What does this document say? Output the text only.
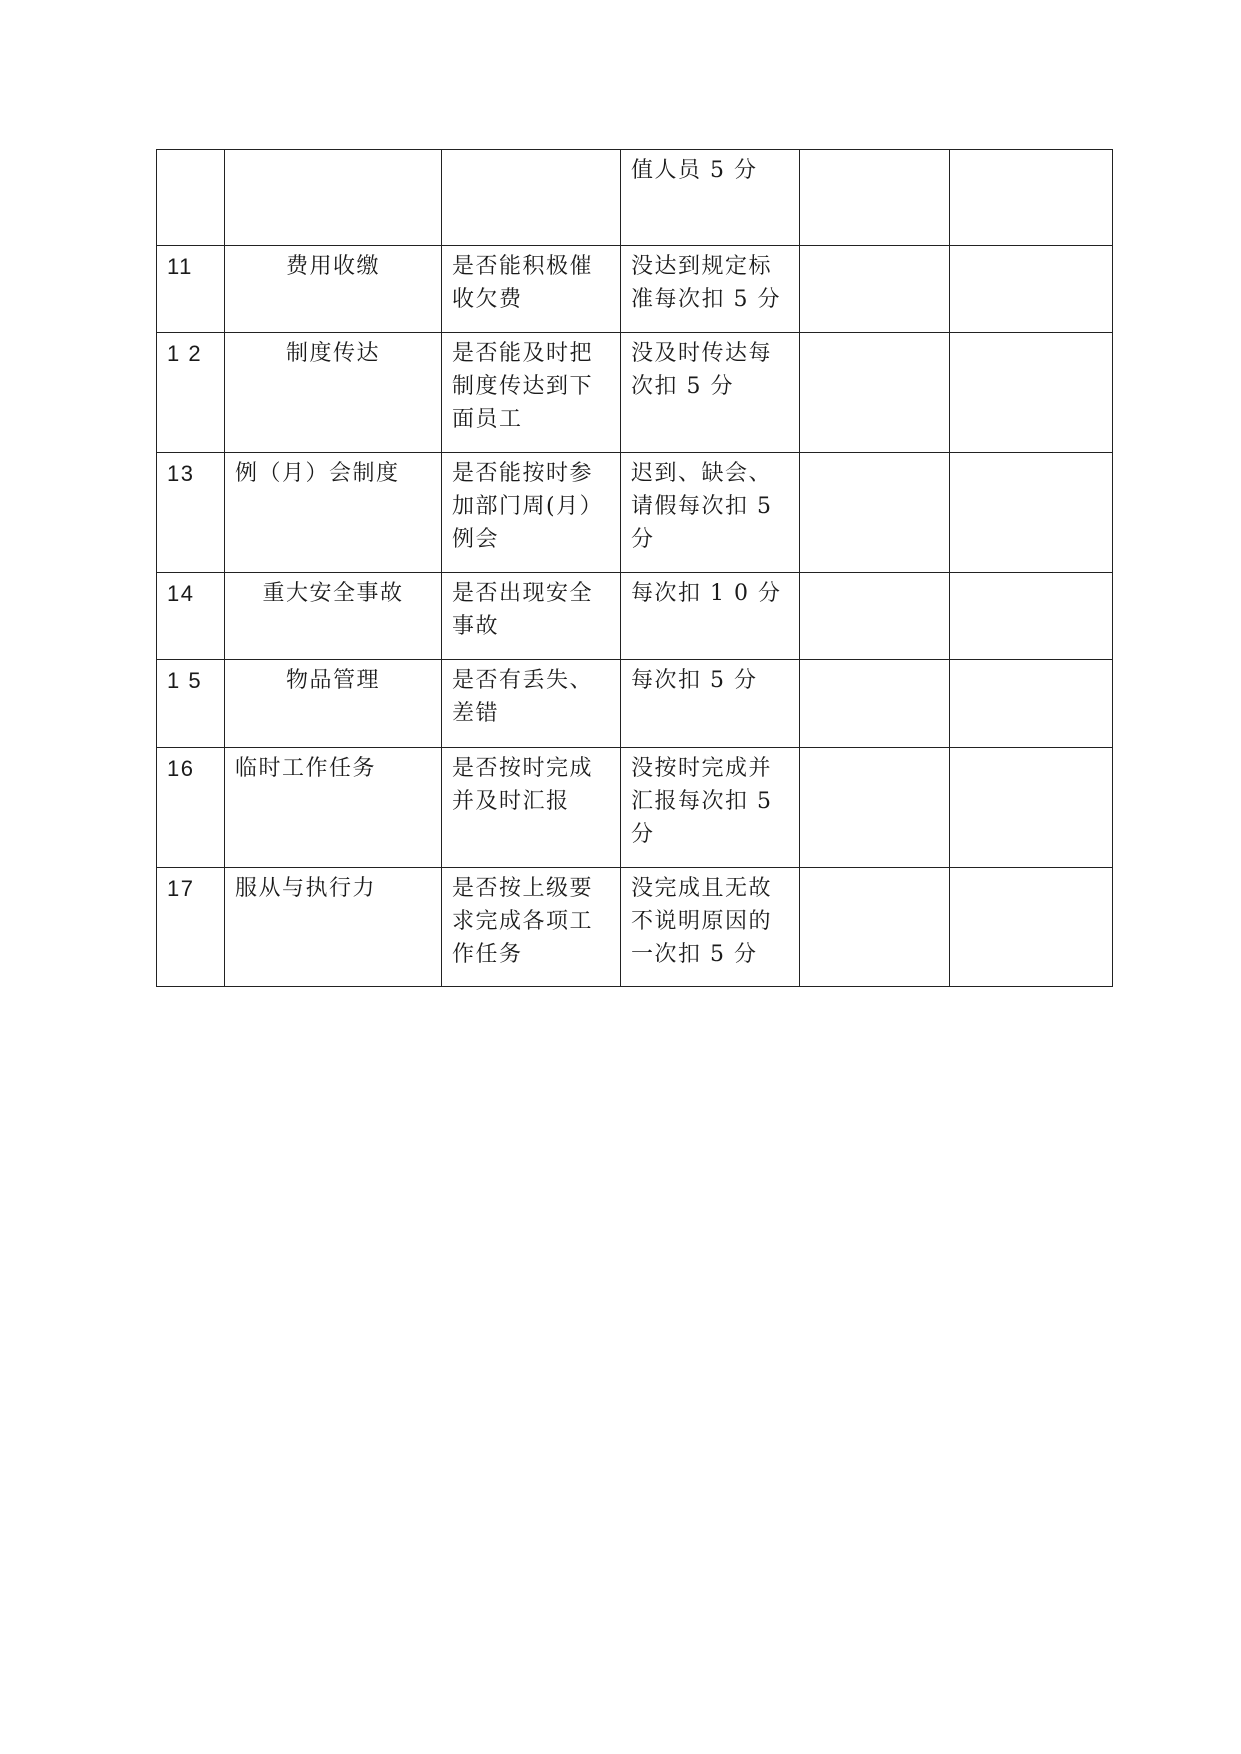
			值人员 5 分		
11	费用收缴	是否能积极催收欠费	没达到规定标准每次扣 5 分		
1 2	制度传达	是否能及时把制度传达到下面员工	没及时传达每次扣 5 分		
13	例（月）会制度	是否能按时参加部门周(月）例会	迟到、缺会、请假每次扣 5 分		
14	重大安全事故	是否出现安全事故	每次扣 1 0 分		
1 5	物品管理	是否有丢失、差错	每次扣 5 分		
16	临时工作任务	是否按时完成并及时汇报	没按时完成并汇报每次扣 5 分		
17	服从与执行力	是否按上级要求完成各项工作任务	没完成且无故不说明原因的一次扣 5 分		
